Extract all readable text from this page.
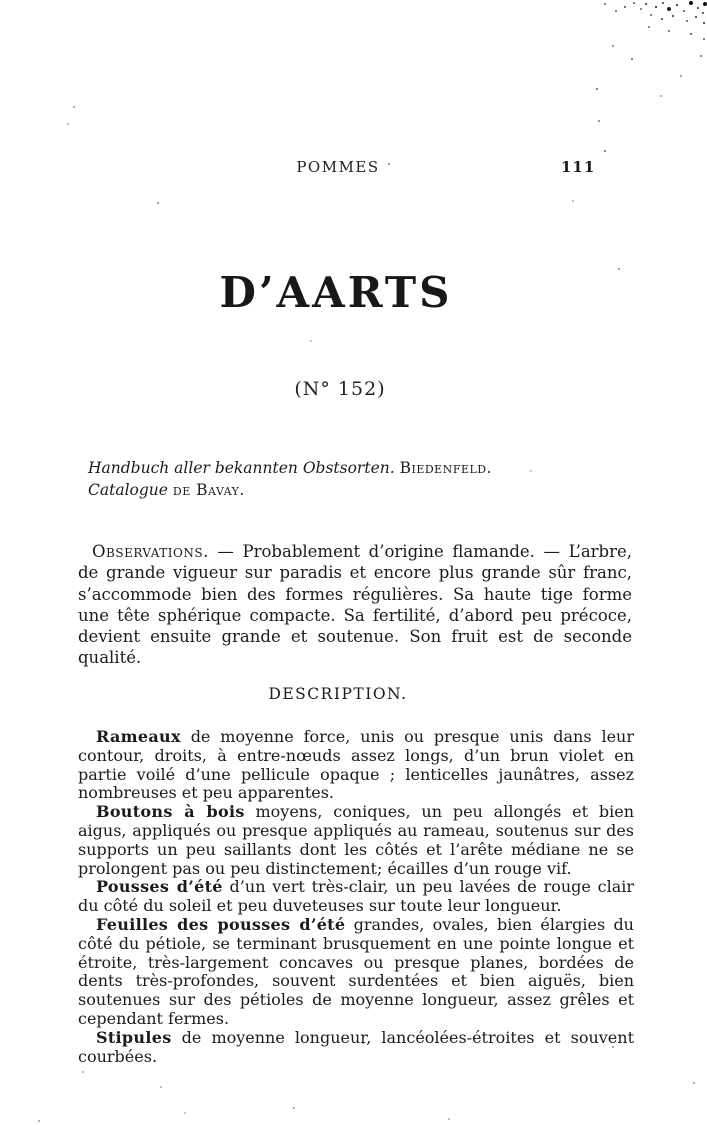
POMMES	111
D’AARTS
(N° 152)
Handbuch aller bekannten Obstsorten. Biedenfeld.
Catalogue de Bavay.

Observations. — Probablement d’origine flamande. — L’arbre, de grande vigueur sur paradis et encore plus grande sûr franc, s’accommode bien des formes régulières. Sa haute tige forme une tête sphérique compacte. Sa fertilité, d’abord peu précoce, devient ensuite grande et soutenue. Son fruit est de seconde qualité.

DESCRIPTION.

Rameaux de moyenne force, unis ou presque unis dans leur contour, droits, à entre-nœuds assez longs, d’un brun violet en partie voilé d’une pellicule opaque ; lenticelles jaunâtres, assez nombreuses et peu apparentes.

Boutons à bois moyens, coniques, un peu allongés et bien aigus, appliqués ou presque appliqués au rameau, soutenus sur des supports un peu saillants dont les côtés et l’arête médiane ne se prolongent pas ou peu distinctement; écailles d’un rouge vif.

Pousses d’été d’un vert très-clair, un peu lavées de rouge clair du côté du soleil et peu duveteuses sur toute leur longueur.

Feuilles des pousses d’été grandes, ovales, bien élargies du côté du pétiole, se terminant brusquement en une pointe longue et étroite, très-largement concaves ou presque planes, bordées de dents très-profondes, souvent surdentées et bien aiguës, bien soutenues sur des pétioles de moyenne longueur, assez grêles et cependant fermes.

Stipules de moyenne longueur, lancéolées-étroites et souvent courbées.
